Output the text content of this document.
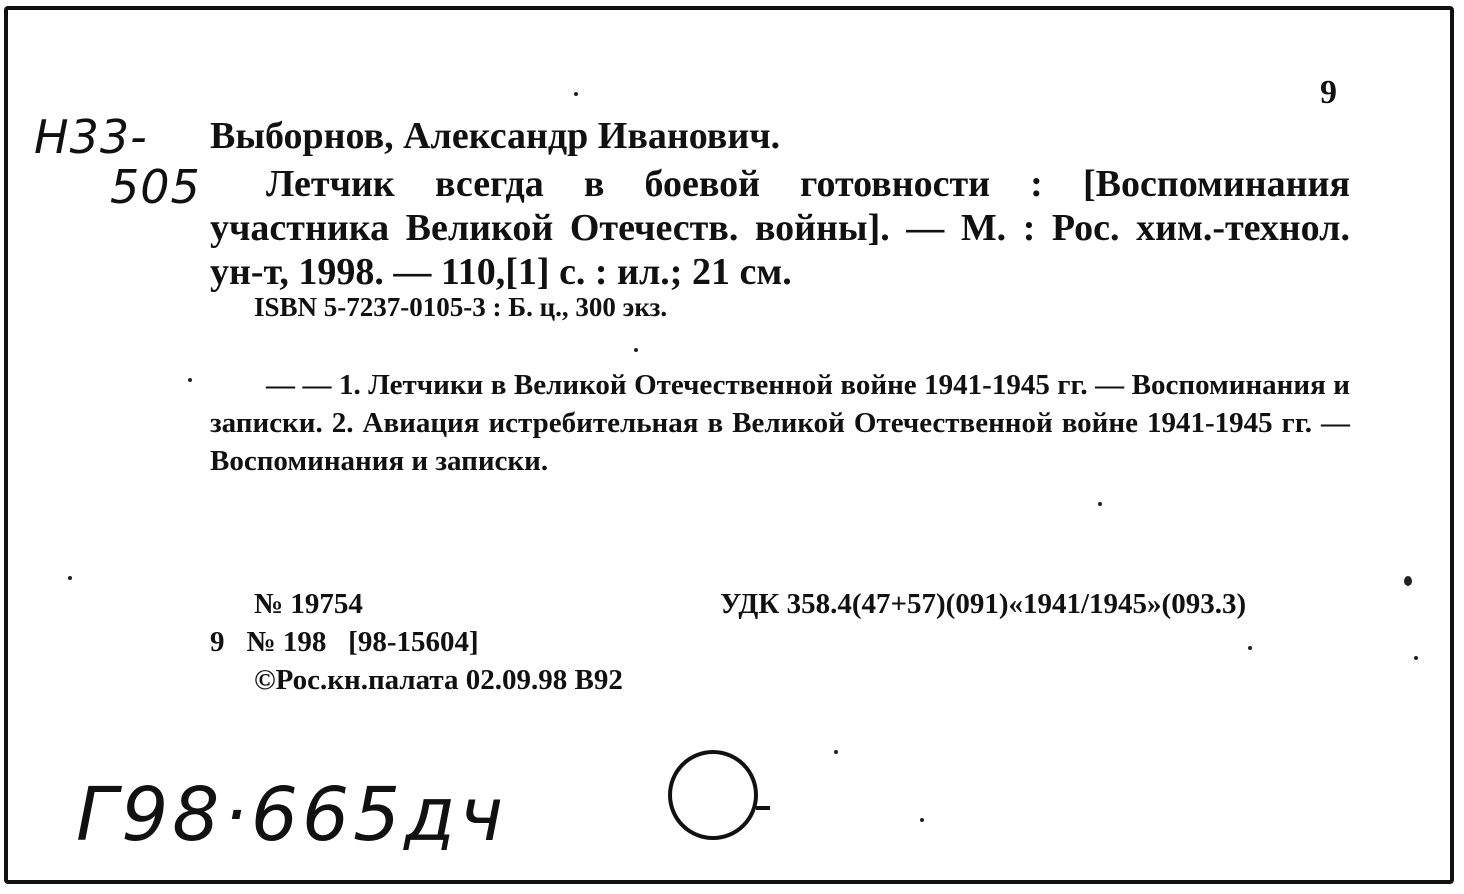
9
Н33-
505
Выборнов, Александр Иванович.
Летчик всегда в боевой готовности : [Воспоминания участника Великой Отечеств. войны]. — М. : Рос. хим.-технол. ун-т, 1998. — 110,[1] с. : ил.; 21 см.
ISBN 5-7237-0105-3 : Б. ц., 300 экз.
— — 1. Летчики в Великой Отечественной войне 1941-1945 гг. — Воспоминания и записки. 2. Авиация истребительная в Великой Отечественной войне 1941-1945 гг. — Воспоминания и записки.
№ 19754	УДК 358.4(47+57)(091)«1941/1945»(093.3)
9 № 198 [98-15604]
©Рос.кн.палата 02.09.98 В92
Г98·665дч
